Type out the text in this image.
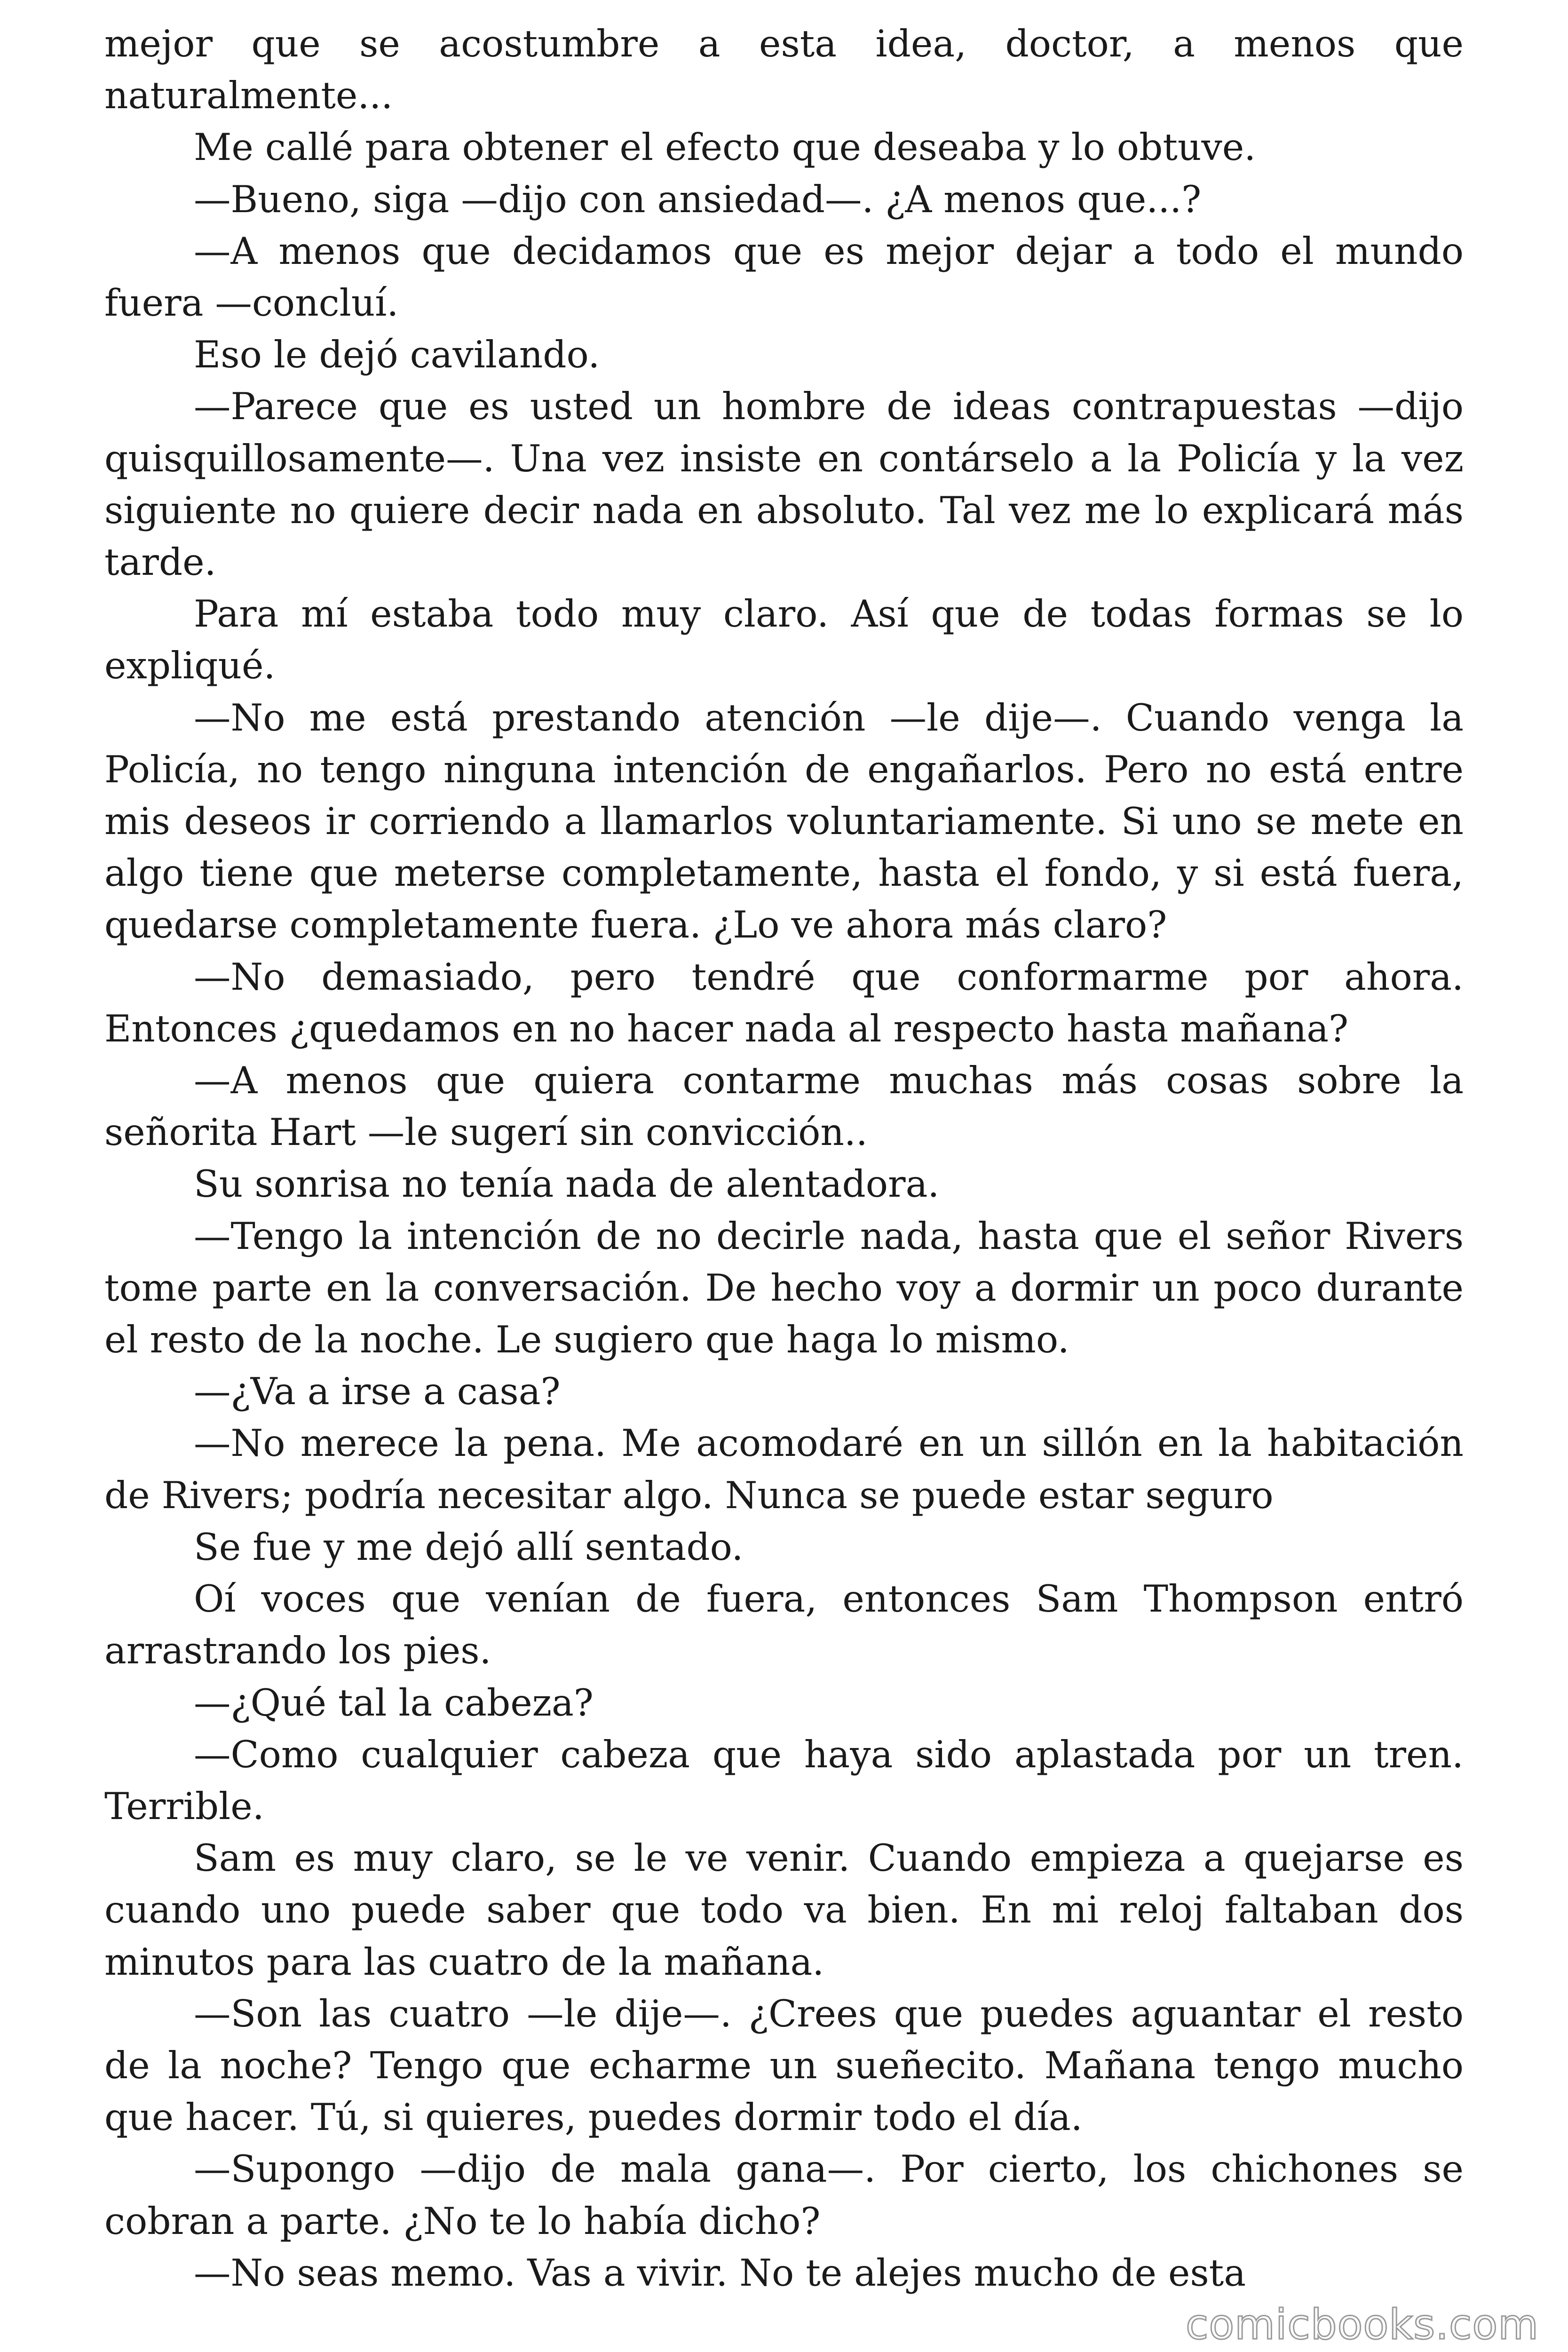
mejor que se acostumbre a esta idea, doctor, a menos que naturalmente...

Me callé para obtener el efecto que deseaba y lo obtuve.

—Bueno, siga —dijo con ansiedad—. ¿A menos que...?

—A menos que decidamos que es mejor dejar a todo el mundo fuera —concluí.

Eso le dejó cavilando.

—Parece que es usted un hombre de ideas contrapuestas —dijo quisquillosamente—. Una vez insiste en contárselo a la Policía y la vez siguiente no quiere decir nada en absoluto. Tal vez me lo explicará más tarde.

Para mí estaba todo muy claro. Así que de todas formas se lo expliqué.

—No me está prestando atención —le dije—. Cuando venga la Policía, no tengo ninguna intención de engañarlos. Pero no está entre mis deseos ir corriendo a llamarlos voluntariamente. Si uno se mete en algo tiene que meterse completamente, hasta el fondo, y si está fuera, quedarse completamente fuera. ¿Lo ve ahora más claro?

—No demasiado, pero tendré que conformarme por ahora. Entonces ¿quedamos en no hacer nada al respecto hasta mañana?

—A menos que quiera contarme muchas más cosas sobre la señorita Hart —le sugerí sin convicción..

Su sonrisa no tenía nada de alentadora.

—Tengo la intención de no decirle nada, hasta que el señor Rivers tome parte en la conversación. De hecho voy a dormir un poco durante el resto de la noche. Le sugiero que haga lo mismo.

—¿Va a irse a casa?

—No merece la pena. Me acomodaré en un sillón en la habitación de Rivers; podría necesitar algo. Nunca se puede estar seguro

Se fue y me dejó allí sentado.

Oí voces que venían de fuera, entonces Sam Thompson entró arrastrando los pies.

—¿Qué tal la cabeza?

—Como cualquier cabeza que haya sido aplastada por un tren. Terrible.

Sam es muy claro, se le ve venir. Cuando empieza a quejarse es cuando uno puede saber que todo va bien. En mi reloj faltaban dos minutos para las cuatro de la mañana.

—Son las cuatro —le dije—. ¿Crees que puedes aguantar el resto de la noche? Tengo que echarme un sueñecito. Mañana tengo mucho que hacer. Tú, si quieres, puedes dormir todo el día.

—Supongo —dijo de mala gana—. Por cierto, los chichones se cobran a parte. ¿No te lo había dicho?

—No seas memo. Vas a vivir. No te alejes mucho de esta

comicbooks.com
